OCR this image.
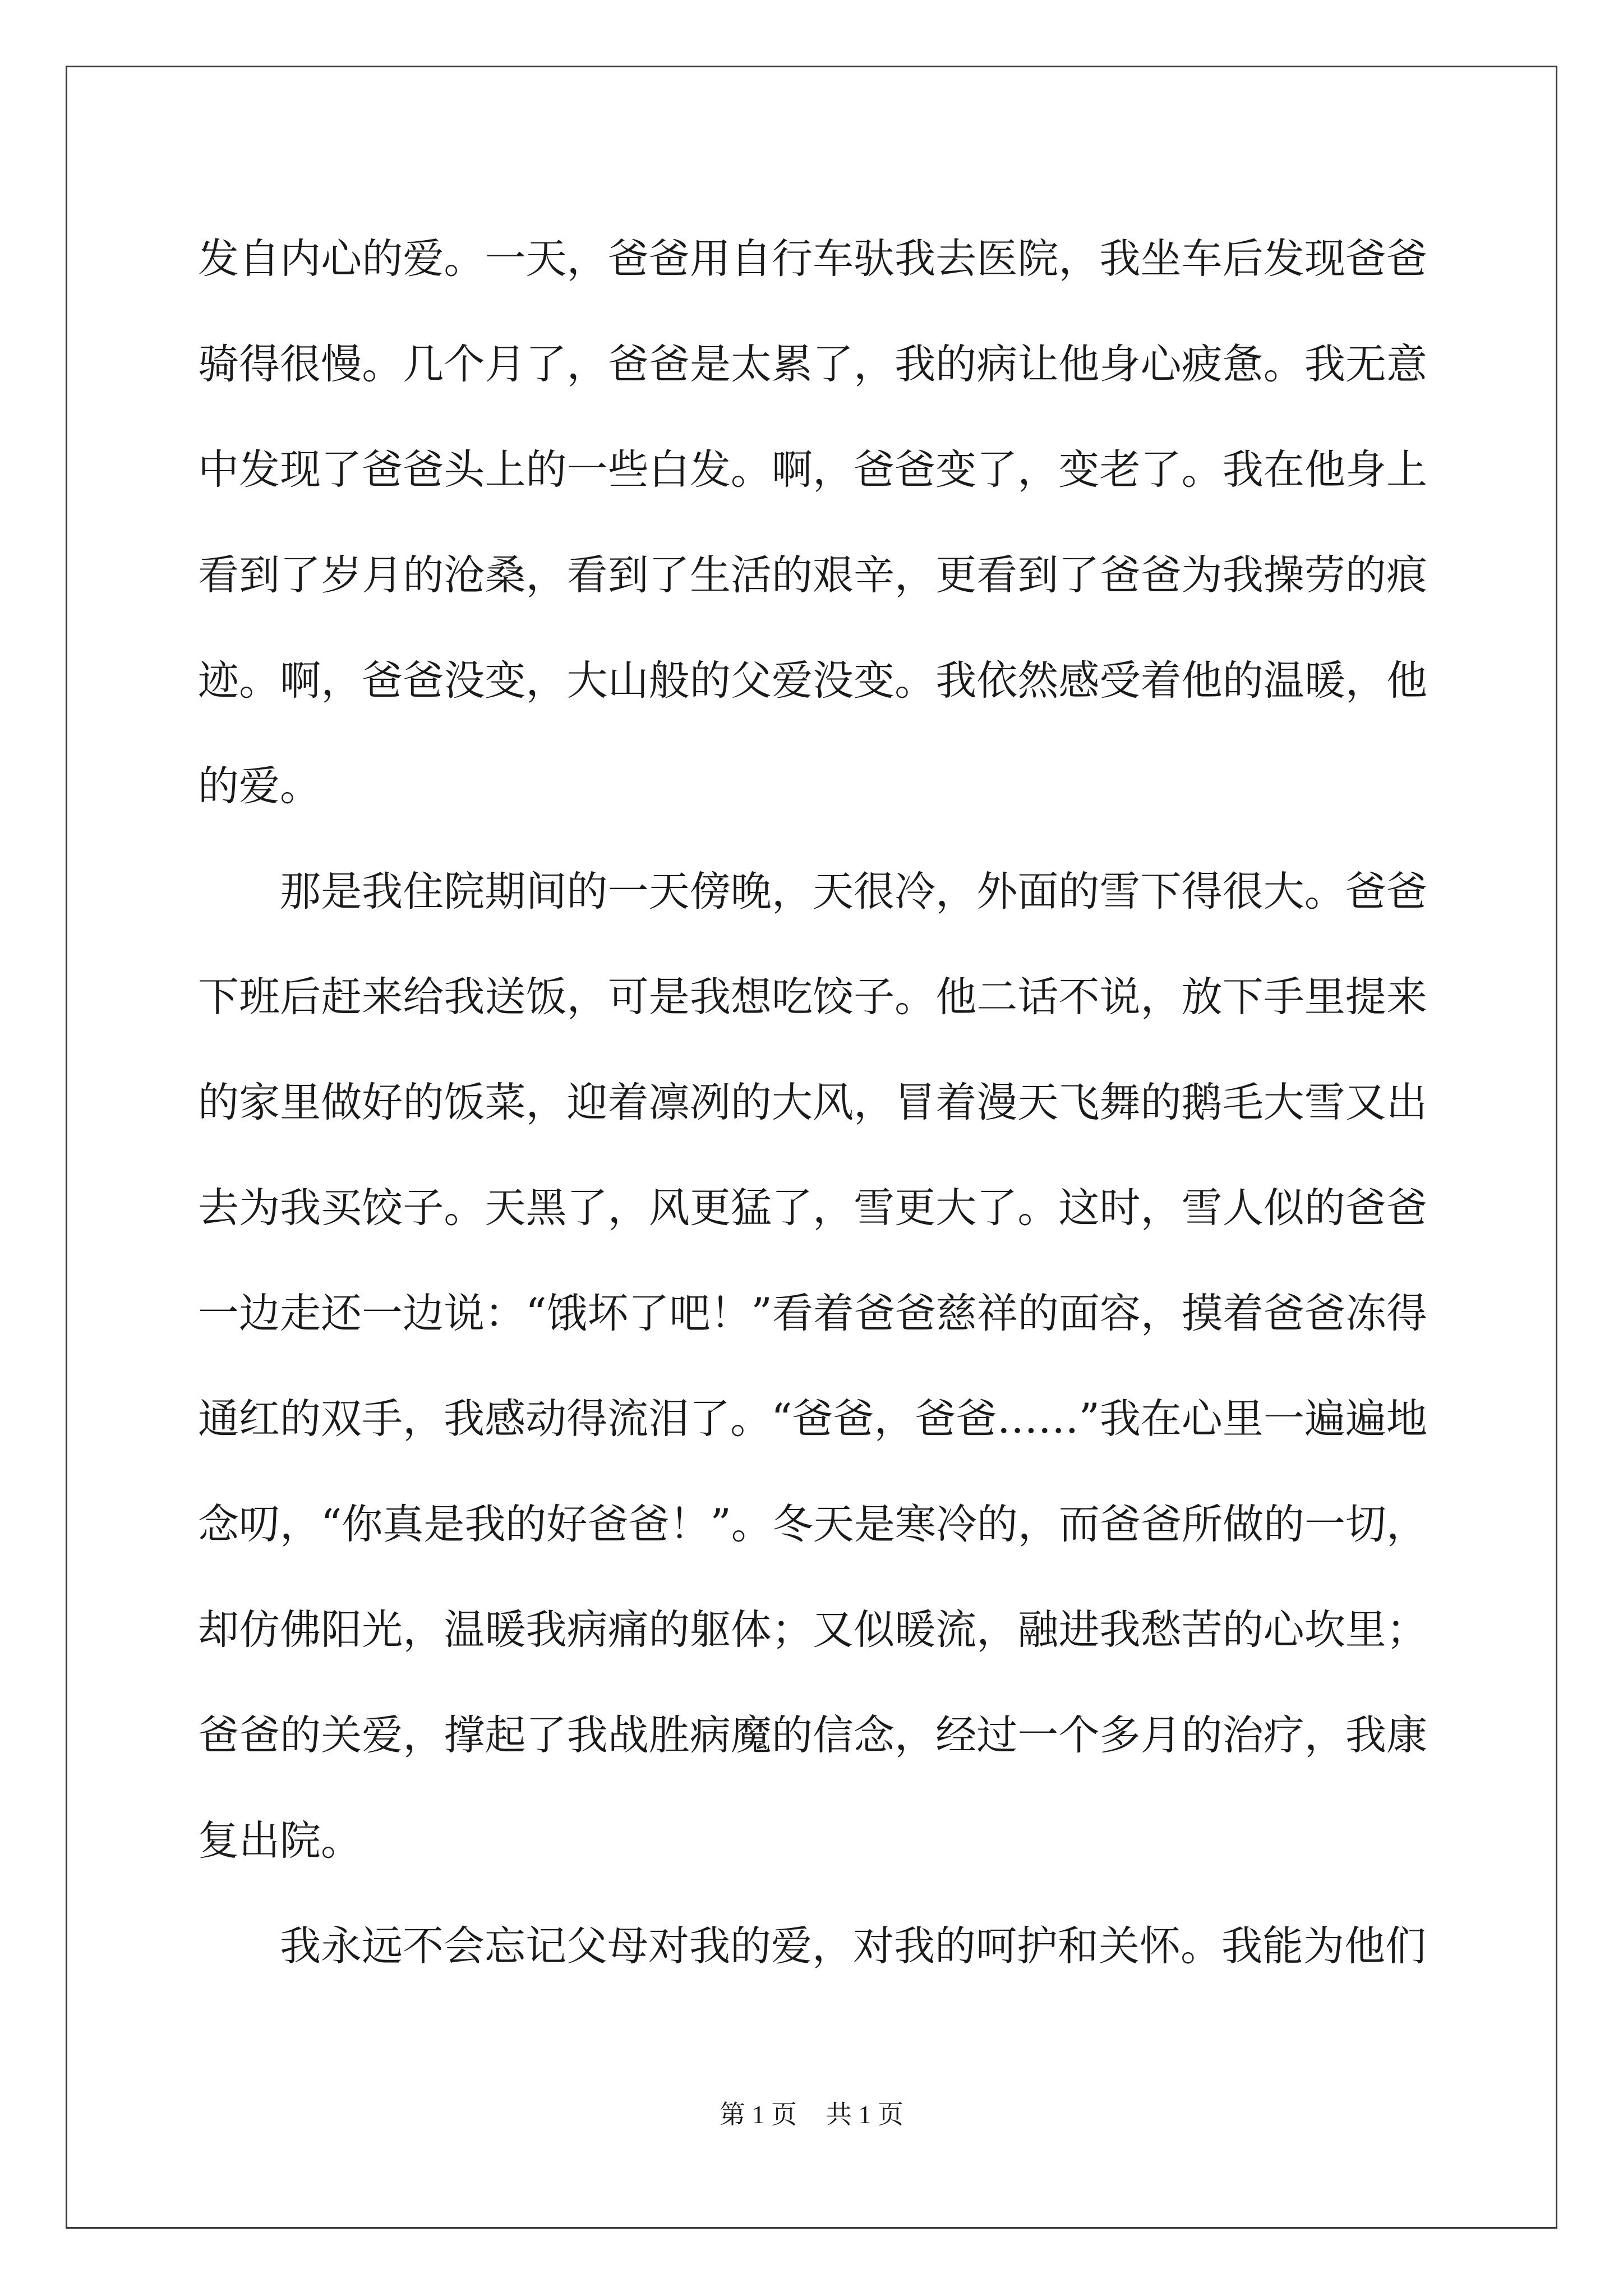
发自内心的爱。一天，爸爸用自行车驮我去医院，我坐车后发现爸爸骑得很慢。几个月了，爸爸是太累了，我的病让他身心疲惫。我无意中发现了爸爸头上的一些白发。啊，爸爸变了，变老了。我在他身上看到了岁月的沧桑，看到了生活的艰辛，更看到了爸爸为我操劳的痕迹。啊，爸爸没变，大山般的父爱没变。我依然感受着他的温暖，他的爱。

那是我住院期间的一天傍晚，天很冷，外面的雪下得很大。爸爸下班后赶来给我送饭，可是我想吃饺子。他二话不说，放下手里提来的家里做好的饭菜，迎着凛冽的大风，冒着漫天飞舞的鹅毛大雪又出去为我买饺子。天黑了，风更猛了，雪更大了。这时，雪人似的爸爸一边走还一边说：“饿坏了吧！”看着爸爸慈祥的面容，摸着爸爸冻得通红的双手，我感动得流泪了。“爸爸，爸爸……”我在心里一遍遍地念叨，“你真是我的好爸爸！”。冬天是寒冷的，而爸爸所做的一切，却仿佛阳光，温暖我病痛的躯体；又似暖流，融进我愁苦的心坎里；爸爸的关爱，撑起了我战胜病魔的信念，经过一个多月的治疗，我康复出院。

我永远不会忘记父母对我的爱，对我的呵护和关怀。我能为他们

第 1 页 共 1 页
